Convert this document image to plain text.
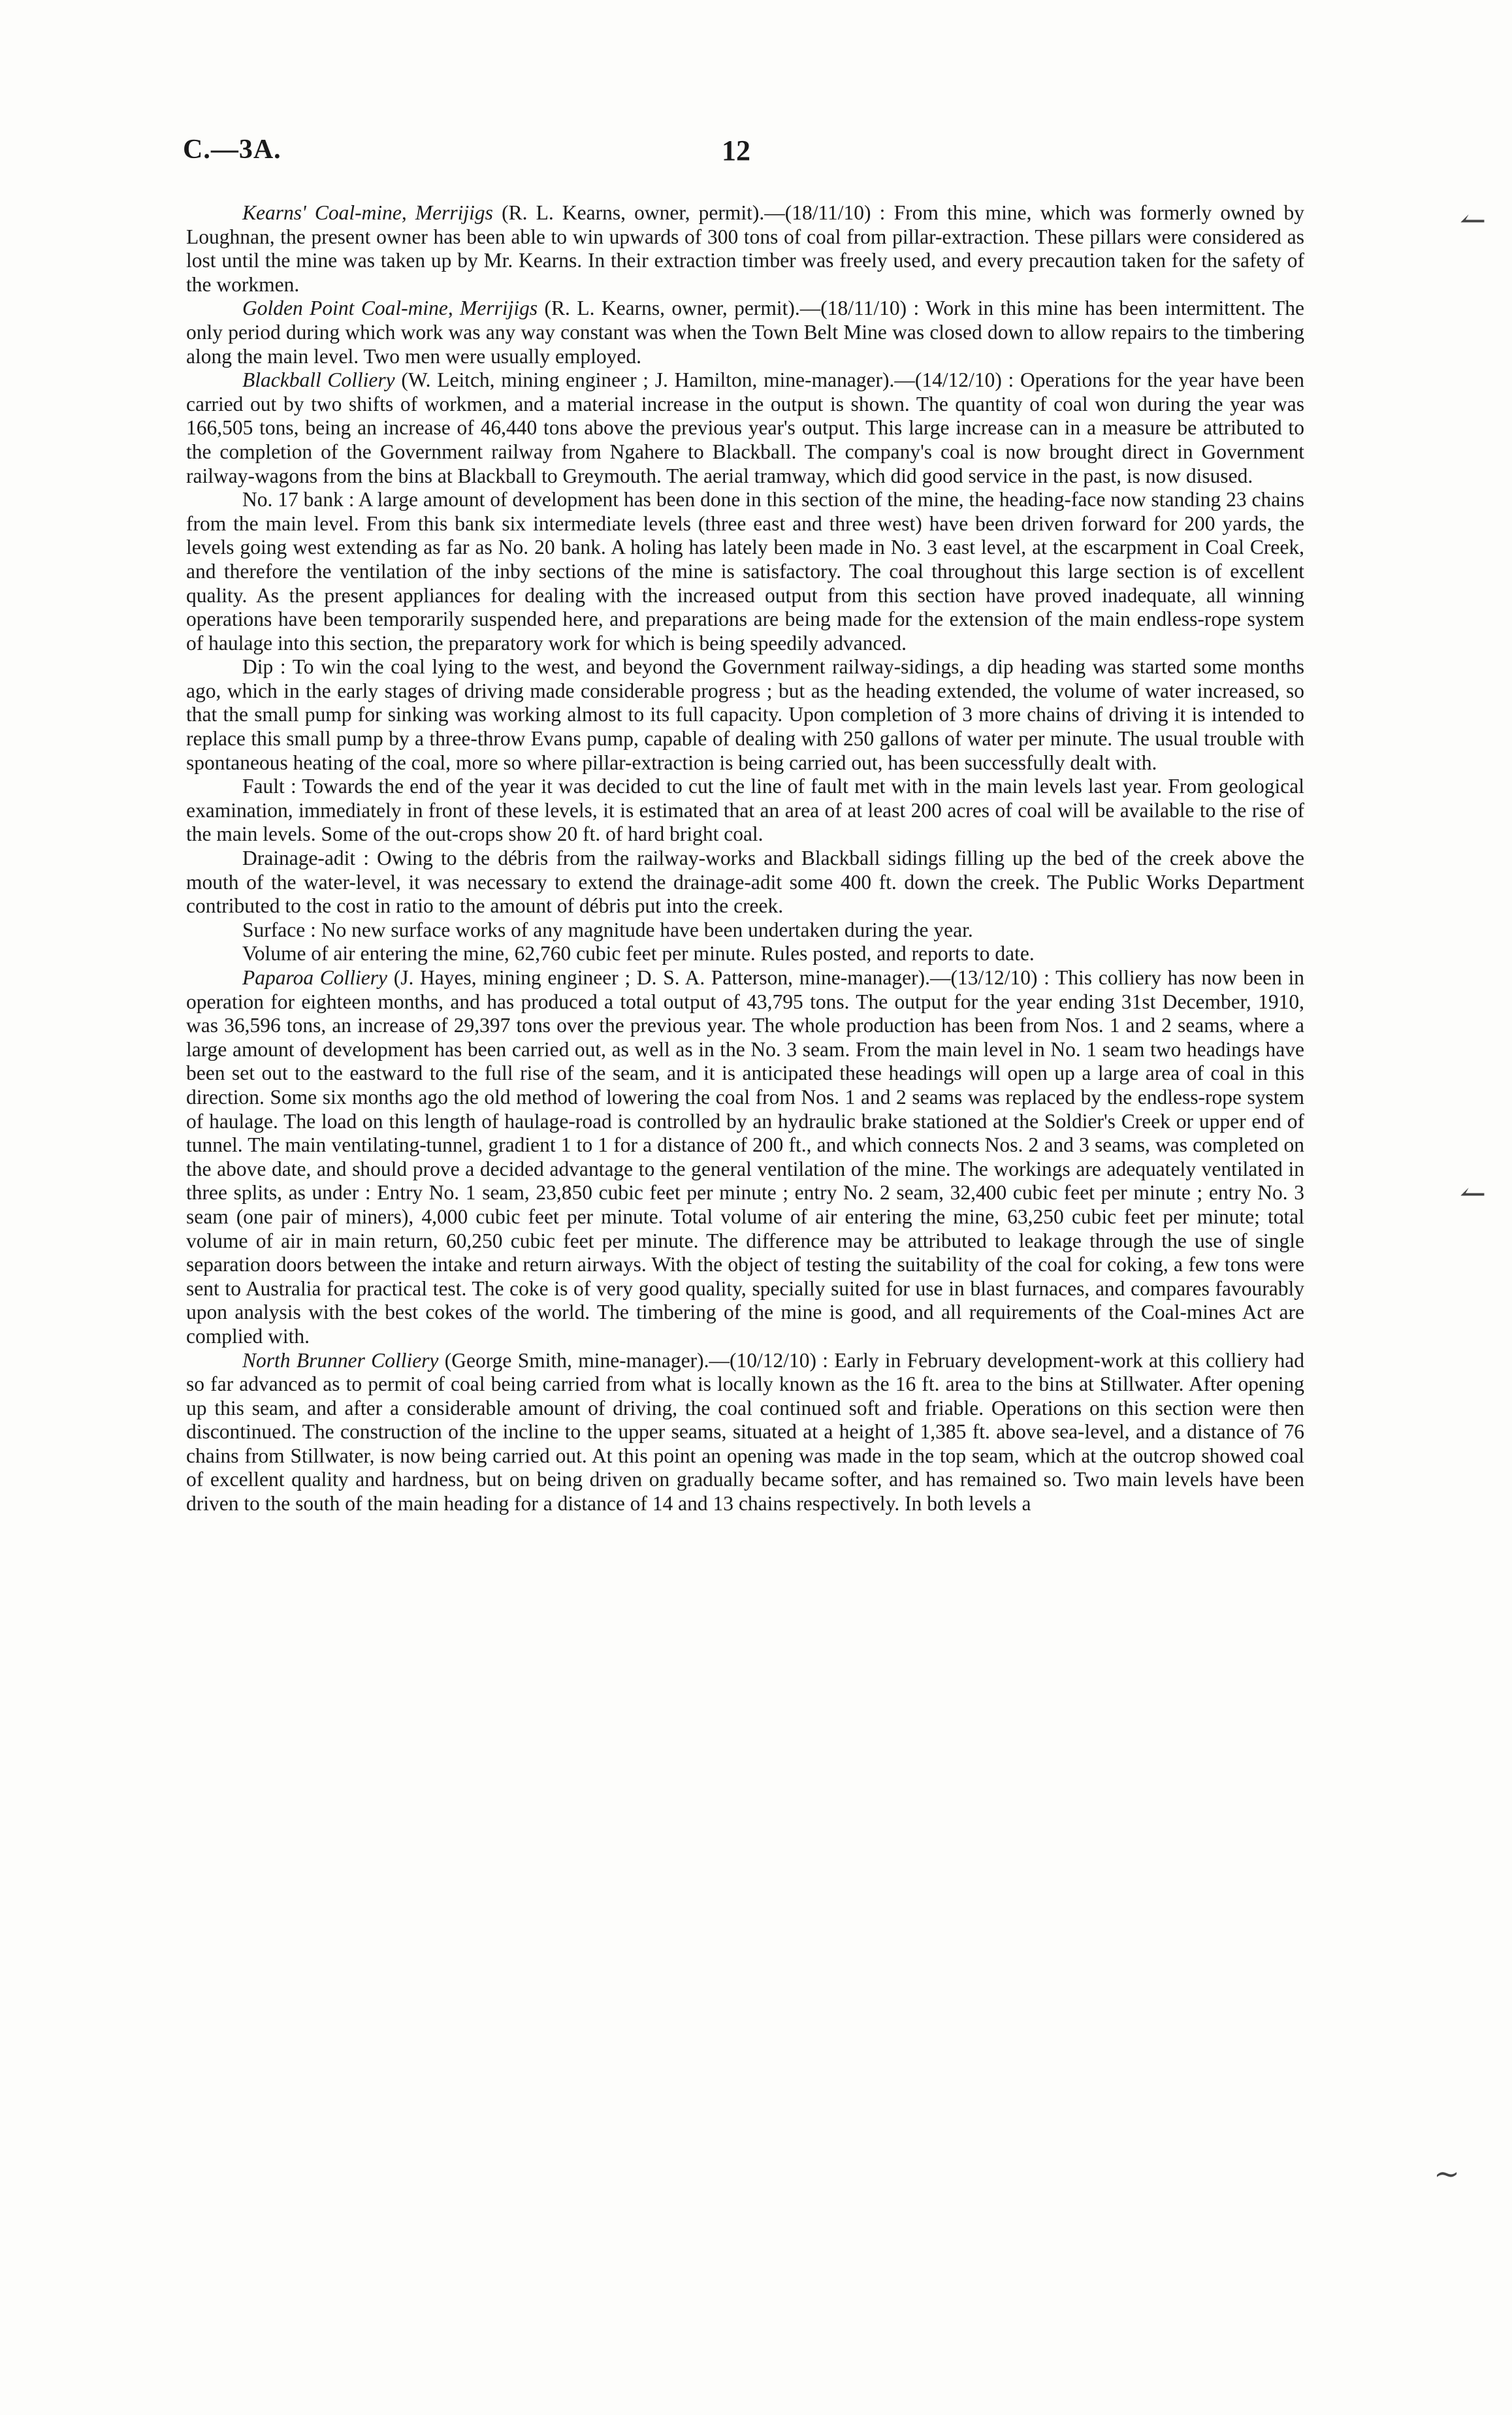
C.—3A.	12

Kearns' Coal-mine, Merrijigs (R. L. Kearns, owner, permit).—(18/11/10) : From this mine, which was formerly owned by Loughnan, the present owner has been able to win upwards of 300 tons of coal from pillar-extraction. These pillars were considered as lost until the mine was taken up by Mr. Kearns. In their extraction timber was freely used, and every precaution taken for the safety of the workmen.

Golden Point Coal-mine, Merrijigs (R. L. Kearns, owner, permit).—(18/11/10) : Work in this mine has been intermittent. The only period during which work was any way constant was when the Town Belt Mine was closed down to allow repairs to the timbering along the main level. Two men were usually employed.

Blackball Colliery (W. Leitch, mining engineer ; J. Hamilton, mine-manager).—(14/12/10) : Operations for the year have been carried out by two shifts of workmen, and a material increase in the output is shown. The quantity of coal won during the year was 166,505 tons, being an increase of 46,440 tons above the previous year's output. This large increase can in a measure be attributed to the completion of the Government railway from Ngahere to Blackball. The company's coal is now brought direct in Government railway-wagons from the bins at Blackball to Greymouth. The aerial tramway, which did good service in the past, is now disused.

No. 17 bank : A large amount of development has been done in this section of the mine, the heading-face now standing 23 chains from the main level. From this bank six intermediate levels (three east and three west) have been driven forward for 200 yards, the levels going west extending as far as No. 20 bank. A holing has lately been made in No. 3 east level, at the escarpment in Coal Creek, and therefore the ventilation of the inby sections of the mine is satisfactory. The coal throughout this large section is of excellent quality. As the present appliances for dealing with the increased output from this section have proved inadequate, all winning operations have been temporarily suspended here, and preparations are being made for the extension of the main endless-rope system of haulage into this section, the preparatory work for which is being speedily advanced.

Dip : To win the coal lying to the west, and beyond the Government railway-sidings, a dip heading was started some months ago, which in the early stages of driving made considerable progress ; but as the heading extended, the volume of water increased, so that the small pump for sinking was working almost to its full capacity. Upon completion of 3 more chains of driving it is intended to replace this small pump by a three-throw Evans pump, capable of dealing with 250 gallons of water per minute. The usual trouble with spontaneous heating of the coal, more so where pillar-extraction is being carried out, has been successfully dealt with.

Fault : Towards the end of the year it was decided to cut the line of fault met with in the main levels last year. From geological examination, immediately in front of these levels, it is estimated that an area of at least 200 acres of coal will be available to the rise of the main levels. Some of the out-crops show 20 ft. of hard bright coal.

Drainage-adit : Owing to the débris from the railway-works and Blackball sidings filling up the bed of the creek above the mouth of the water-level, it was necessary to extend the drainage-adit some 400 ft. down the creek. The Public Works Department contributed to the cost in ratio to the amount of débris put into the creek.

Surface : No new surface works of any magnitude have been undertaken during the year.

Volume of air entering the mine, 62,760 cubic feet per minute. Rules posted, and reports to date.

Paparoa Colliery (J. Hayes, mining engineer ; D. S. A. Patterson, mine-manager).—(13/12/10) : This colliery has now been in operation for eighteen months, and has produced a total output of 43,795 tons. The output for the year ending 31st December, 1910, was 36,596 tons, an increase of 29,397 tons over the previous year. The whole production has been from Nos. 1 and 2 seams, where a large amount of development has been carried out, as well as in the No. 3 seam. From the main level in No. 1 seam two headings have been set out to the eastward to the full rise of the seam, and it is anticipated these headings will open up a large area of coal in this direction. Some six months ago the old method of lowering the coal from Nos. 1 and 2 seams was replaced by the endless-rope system of haulage. The load on this length of haulage-road is controlled by an hydraulic brake stationed at the Soldier's Creek or upper end of tunnel. The main ventilating-tunnel, gradient 1 to 1 for a distance of 200 ft., and which connects Nos. 2 and 3 seams, was completed on the above date, and should prove a decided advantage to the general ventilation of the mine. The workings are adequately ventilated in three splits, as under : Entry No. 1 seam, 23,850 cubic feet per minute ; entry No. 2 seam, 32,400 cubic feet per minute ; entry No. 3 seam (one pair of miners), 4,000 cubic feet per minute. Total volume of air entering the mine, 63,250 cubic feet per minute; total volume of air in main return, 60,250 cubic feet per minute. The difference may be attributed to leakage through the use of single separation doors between the intake and return airways. With the object of testing the suitability of the coal for coking, a few tons were sent to Australia for practical test. The coke is of very good quality, specially suited for use in blast furnaces, and compares favourably upon analysis with the best cokes of the world. The timbering of the mine is good, and all requirements of the Coal-mines Act are complied with.

North Brunner Colliery (George Smith, mine-manager).—(10/12/10) : Early in February development-work at this colliery had so far advanced as to permit of coal being carried from what is locally known as the 16 ft. area to the bins at Stillwater. After opening up this seam, and after a considerable amount of driving, the coal continued soft and friable. Operations on this section were then discontinued. The construction of the incline to the upper seams, situated at a height of 1,385 ft. above sea-level, and a distance of 76 chains from Stillwater, is now being carried out. At this point an opening was made in the top seam, which at the outcrop showed coal of excellent quality and hardness, but on being driven on gradually became softer, and has remained so. Two main levels have been driven to the south of the main heading for a distance of 14 and 13 chains respectively. In both levels a

↼
↼
∼
